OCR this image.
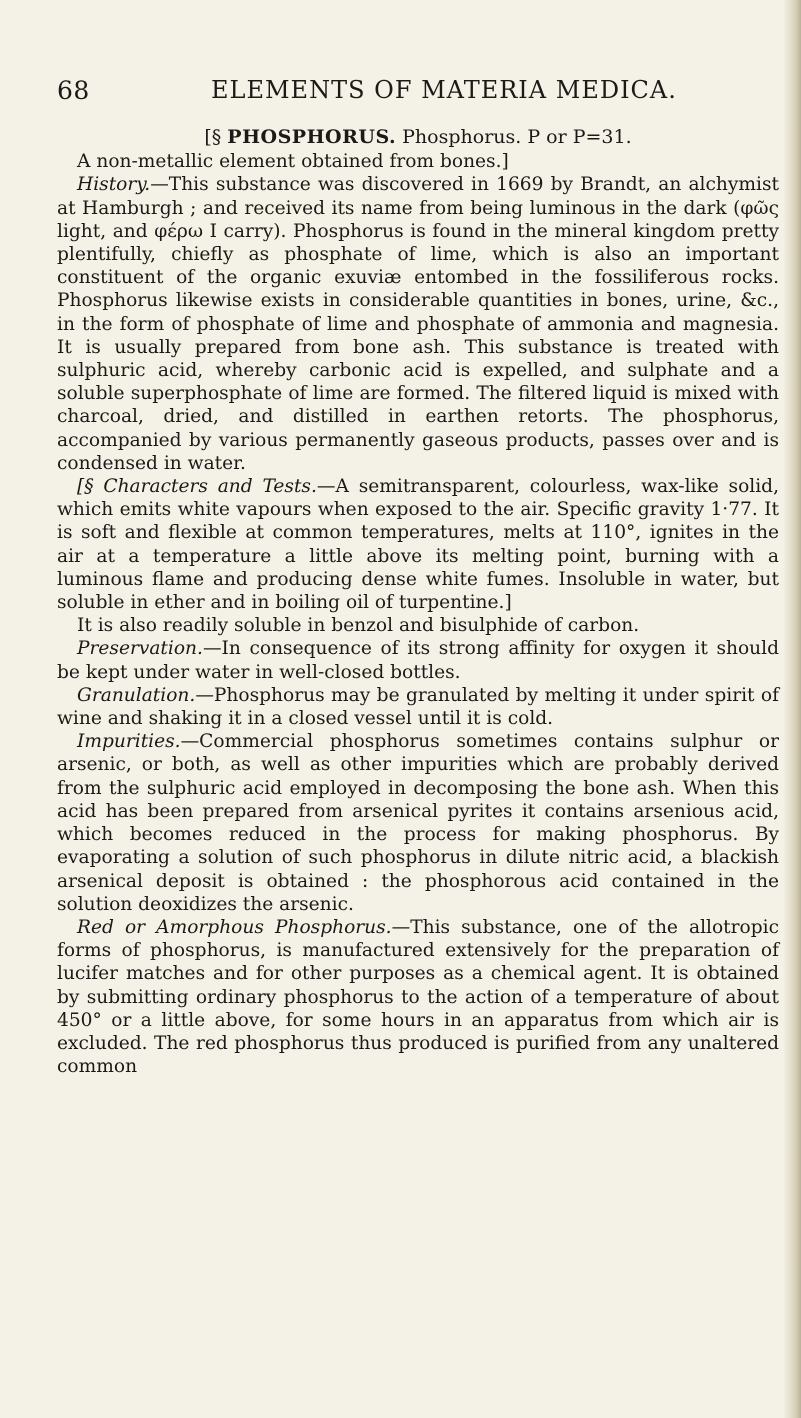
68	ELEMENTS OF MATERIA MEDICA.

[§ PHOSPHORUS. Phosphorus. P or P=31.

A non-metallic element obtained from bones.]

History.—This substance was discovered in 1669 by Brandt, an alchymist at Hamburgh ; and received its name from being luminous in the dark (φῶς light, and φέρω I carry). Phosphorus is found in the mineral kingdom pretty plentifully, chiefly as phosphate of lime, which is also an important constituent of the organic exuviæ entombed in the fossiliferous rocks. Phosphorus likewise exists in considerable quantities in bones, urine, &c., in the form of phosphate of lime and phosphate of ammonia and magnesia. It is usually prepared from bone ash. This substance is treated with sulphuric acid, whereby carbonic acid is expelled, and sulphate and a soluble superphosphate of lime are formed. The filtered liquid is mixed with charcoal, dried, and distilled in earthen retorts. The phosphorus, accompanied by various permanently gaseous products, passes over and is condensed in water.

[§ Characters and Tests.—A semitransparent, colourless, wax-like solid, which emits white vapours when exposed to the air. Specific gravity 1·77. It is soft and flexible at common temperatures, melts at 110°, ignites in the air at a temperature a little above its melting point, burning with a luminous flame and producing dense white fumes. Insoluble in water, but soluble in ether and in boiling oil of turpentine.]

It is also readily soluble in benzol and bisulphide of carbon.

Preservation.—In consequence of its strong affinity for oxygen it should be kept under water in well-closed bottles.

Granulation.—Phosphorus may be granulated by melting it under spirit of wine and shaking it in a closed vessel until it is cold.

Impurities.—Commercial phosphorus sometimes contains sulphur or arsenic, or both, as well as other impurities which are probably derived from the sulphuric acid employed in decomposing the bone ash. When this acid has been prepared from arsenical pyrites it contains arsenious acid, which becomes reduced in the process for making phosphorus. By evaporating a solution of such phosphorus in dilute nitric acid, a blackish arsenical deposit is obtained : the phosphorous acid contained in the solution deoxidizes the arsenic.

Red or Amorphous Phosphorus.—This substance, one of the allotropic forms of phosphorus, is manufactured extensively for the preparation of lucifer matches and for other purposes as a chemical agent. It is obtained by submitting ordinary phosphorus to the action of a temperature of about 450° or a little above, for some hours in an apparatus from which air is excluded. The red phosphorus thus produced is purified from any unaltered common
